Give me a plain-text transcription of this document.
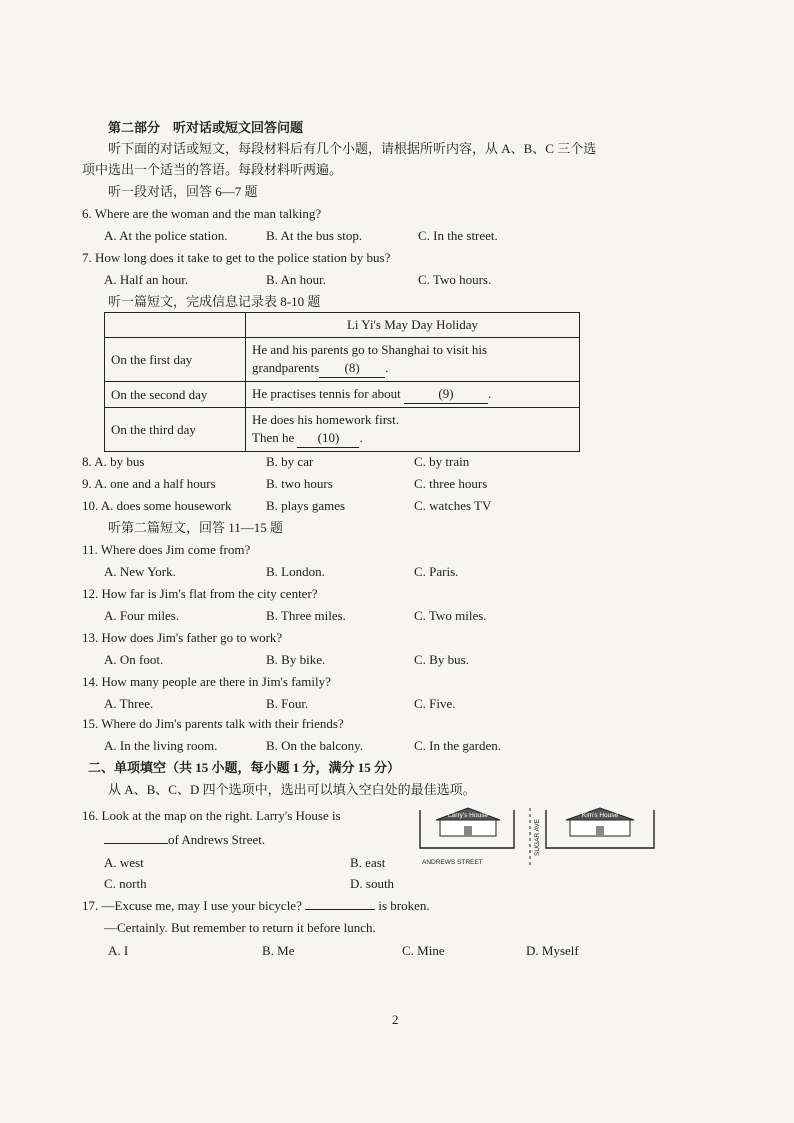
第二部分　听对话或短文回答问题
听下面的对话或短文，每段材料后有几个小题，请根据所听内容，从 A、B、C 三个选
项中选出一个适当的答语。每段材料听两遍。
听一段对话，回答 6—7 题
6. Where are the woman and the man talking?
A. At the police station.	B. At the bus stop.	C. In the street.
7. How long does it take to get to the police station by bus?
A. Half an hour.	B. An hour.	C. Two hours.
听一篇短文，完成信息记录表 8-10 题
	Li Yi's May Day Holiday
On the first day	He and his parents go to Shanghai to visit his
grandparents (8) .

On the second day	He practises tennis for about (9) .
On the third day	He does his homework first.
Then he (10) .
8. A. by bus	B. by car	C. by train
9. A. one and a half hours	B. two hours	C. three hours
10. A. does some housework	B. plays games	C. watches TV
听第二篇短文，回答 11—15 题
11. Where does Jim come from?
A. New York.	B. London.	C. Paris.
12. How far is Jim's flat from the city center?
A. Four miles.	B. Three miles.	C. Two miles.
13. How does Jim's father go to work?
A. On foot.	B. By bike.	C. By bus.
14. How many people are there in Jim's family?
A. Three.	B. Four.	C. Five.
15. Where do Jim's parents talk with their friends?
A. In the living room.	B. On the balcony.	C. In the garden.
二、单项填空（共 15 小题，每小题 1 分，满分 15 分）
从 A、B、C、D 四个选项中，选出可以填入空白处的最佳选项。
16. Look at the map on the right. Larry's House is
of Andrews Street.
A. west	B. east
C. north	D. south
Larry's House	Kim's House
ANDREWS STREET
SUGAR AVE
17. —Excuse me, may I use your bicycle?	is broken.
—Certainly. But remember to return it before lunch.
A. I	B. Me	C. Mine	D. Myself
2
